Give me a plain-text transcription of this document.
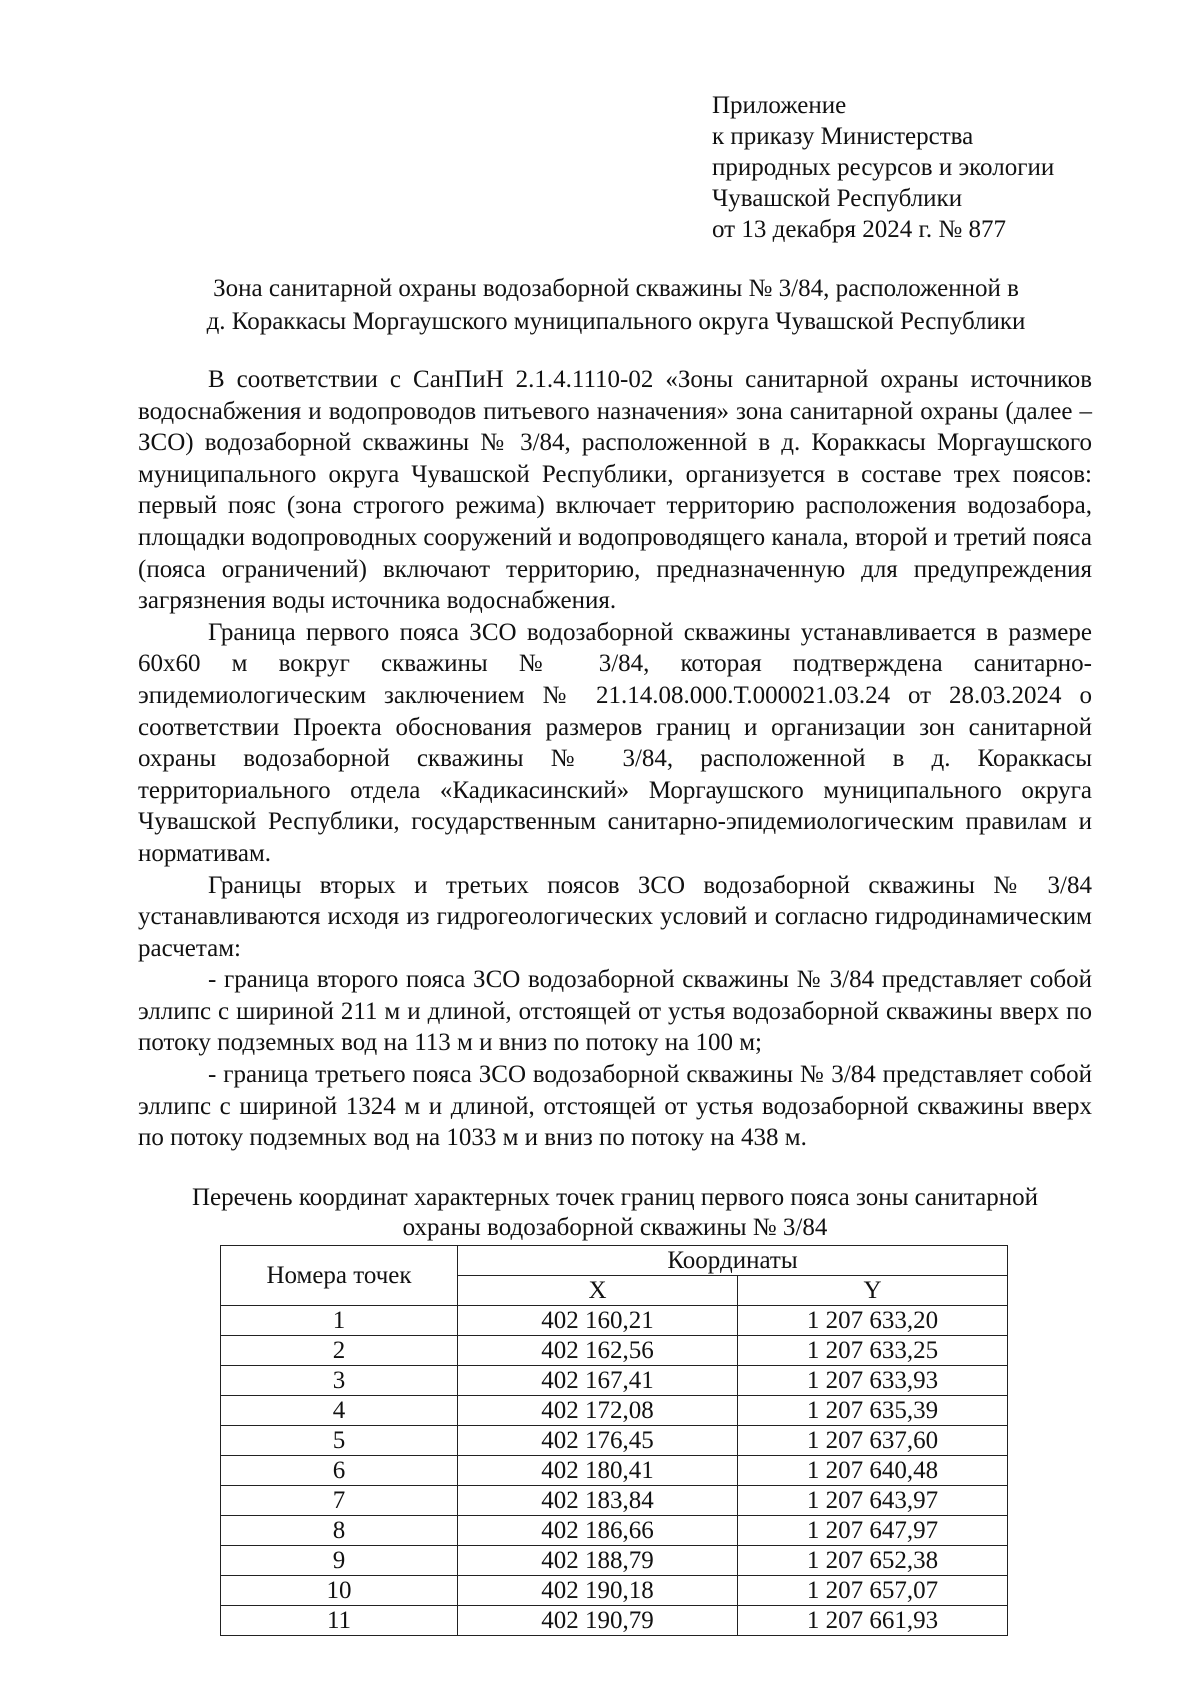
Приложение
к приказу Министерства
природных ресурсов и экологии
Чувашской Республики
от 13 декабря 2024 г. № 877
Зона санитарной охраны водозаборной скважины № 3/84, расположенной в
д. Кораккасы Моргаушского муниципального округа Чувашской Республики

В соответствии с СанПиН 2.1.4.1110-02 «Зоны санитарной охраны источников водоснабжения и водопроводов питьевого назначения» зона санитарной охраны (далее – ЗСО) водозаборной скважины № 3/84, расположенной в д. Кораккасы Моргаушского муниципального округа Чувашской Республики, организуется в составе трех поясов: первый пояс (зона строгого режима) включает территорию расположения водозабора, площадки водопроводных сооружений и водопроводящего канала, второй и третий пояса (пояса ограничений) включают территорию, предназначенную для предупреждения загрязнения воды источника водоснабжения.

Граница первого пояса ЗСО водозаборной скважины устанавливается в размере 60х60 м вокруг скважины № 3/84, которая подтверждена санитарно-эпидемиологическим заключением № 21.14.08.000.Т.000021.03.24 от 28.03.2024 о соответствии Проекта обоснования размеров границ и организации зон санитарной охраны водозаборной скважины № 3/84, расположенной в д. Кораккасы территориального отдела «Кадикасинский» Моргаушского муниципального округа Чувашской Республики, государственным санитарно-эпидемиологическим правилам и нормативам.

Границы вторых и третьих поясов ЗСО водозаборной скважины № 3/84 устанавливаются исходя из гидрогеологических условий и согласно гидродинамическим расчетам:

- граница второго пояса ЗСО водозаборной скважины № 3/84 представляет собой эллипс с шириной 211 м и длиной, отстоящей от устья водозаборной скважины вверх по потоку подземных вод на 113 м и вниз по потоку на 100 м;

- граница третьего пояса ЗСО водозаборной скважины № 3/84 представляет собой эллипс с шириной 1324 м и длиной, отстоящей от устья водозаборной скважины вверх по потоку подземных вод на 1033 м и вниз по потоку на 438 м.

Перечень координат характерных точек границ первого пояса зоны санитарной
охраны водозаборной скважины № 3/84
Номера точек	Координаты	
	X	Y
1	402 160,21	1 207 633,20
2	402 162,56	1 207 633,25
3	402 167,41	1 207 633,93
4	402 172,08	1 207 635,39
5	402 176,45	1 207 637,60
6	402 180,41	1 207 640,48
7	402 183,84	1 207 643,97
8	402 186,66	1 207 647,97
9	402 188,79	1 207 652,38
10	402 190,18	1 207 657,07
11	402 190,79	1 207 661,93
